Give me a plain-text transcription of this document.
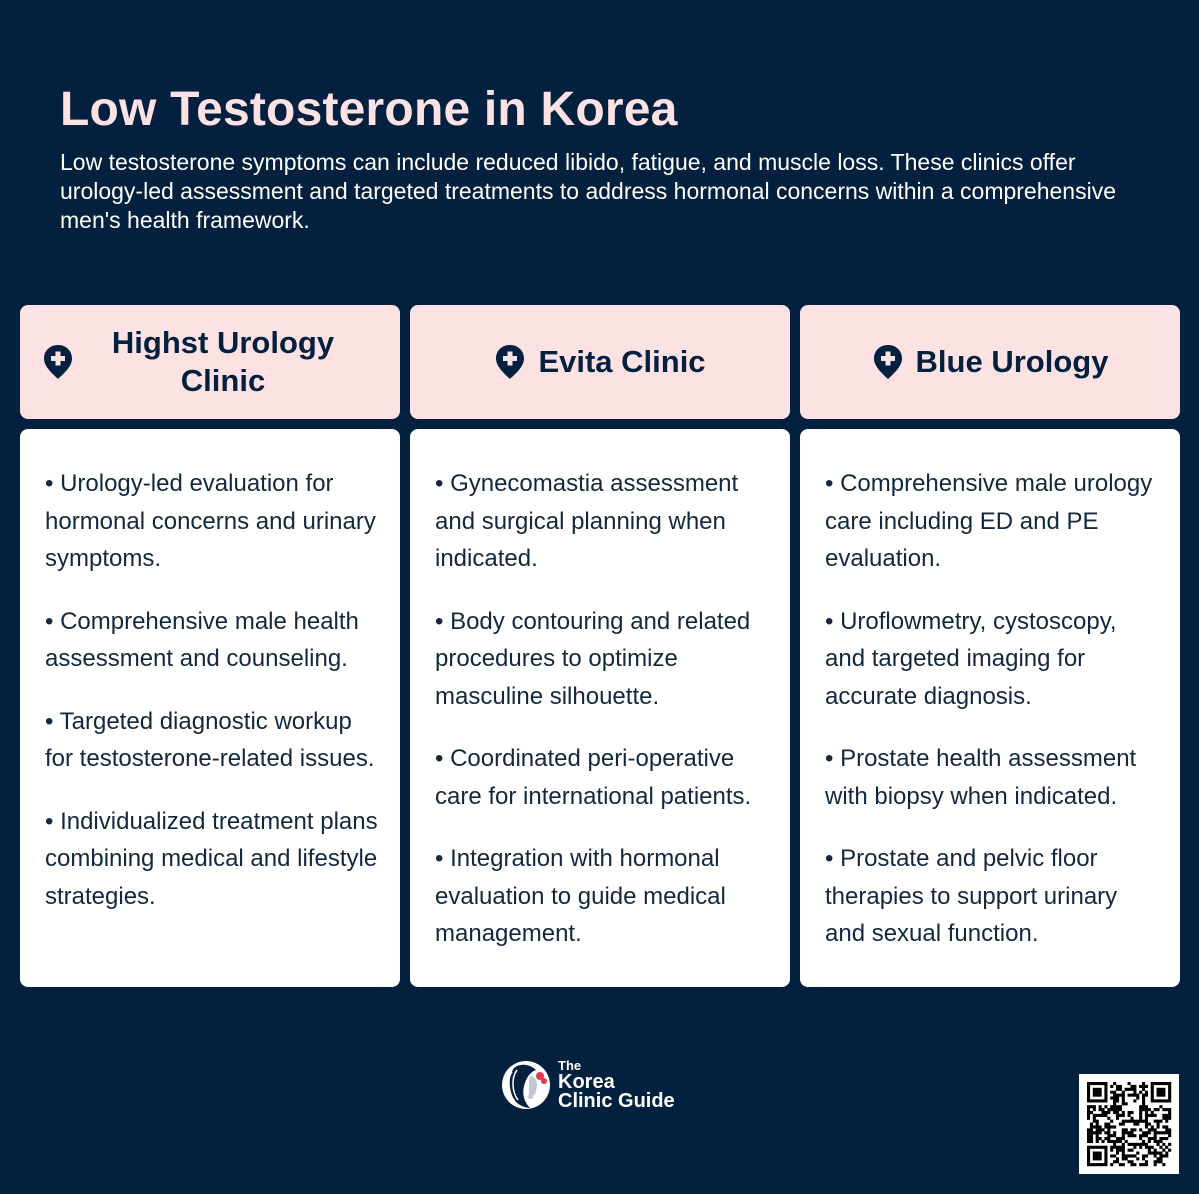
Low Testosterone in Korea

Low testosterone symptoms can include reduced libido, fatigue, and muscle loss. These clinics offer urology-led assessment and targeted treatments to address hormonal concerns within a comprehensive men's health framework.

Highst Urology Clinic

• Urology-led evaluation for hormonal concerns and urinary symptoms.

• Comprehensive male health assessment and counseling.

• Targeted diagnostic workup for testosterone-related issues.

• Individualized treatment plans combining medical and lifestyle strategies.

Evita Clinic

• Gynecomastia assessment and surgical planning when indicated.

• Body contouring and related procedures to optimize masculine silhouette.

• Coordinated peri-operative care for international patients.

• Integration with hormonal evaluation to guide medical management.

Blue Urology

• Comprehensive male urology care including ED and PE evaluation.

• Uroflowmetry, cystoscopy, and targeted imaging for accurate diagnosis.

• Prostate health assessment with biopsy when indicated.

• Prostate and pelvic floor therapies to support urinary and sexual function.

The
Korea
Clinic Guide
